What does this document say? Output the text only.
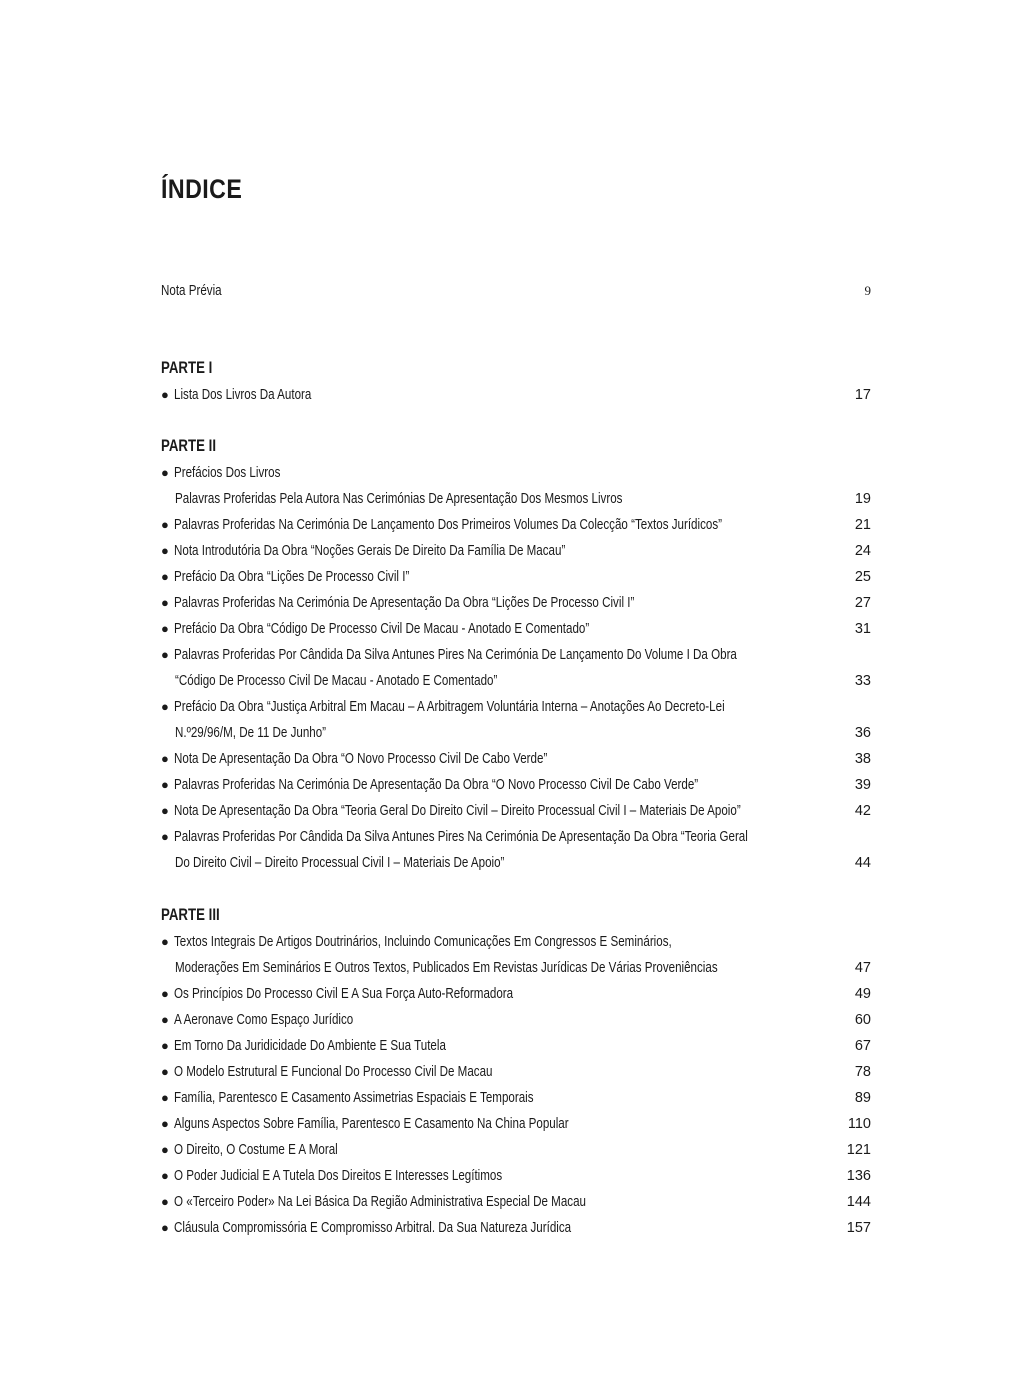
ÍNDICE
Nota Prévia	9
PARTE I
● Lista Dos Livros Da Autora	17
PARTE II
● Prefácios Dos Livros
Palavras Proferidas Pela Autora Nas Cerimónias De Apresentação Dos Mesmos Livros	19
● Palavras Proferidas Na Cerimónia De Lançamento Dos Primeiros Volumes Da Colecção “Textos Jurídicos”	21
● Nota Introdutória Da Obra “Noções Gerais De Direito Da Família De Macau”	24
● Prefácio Da Obra “Lições De Processo Civil I”	25
● Palavras Proferidas Na Cerimónia De Apresentação Da Obra “Lições De Processo Civil I”	27
● Prefácio Da Obra “Código De Processo Civil De Macau - Anotado E Comentado”	31
● Palavras Proferidas Por Cândida Da Silva Antunes Pires Na Cerimónia De Lançamento Do Volume I Da Obra
“Código De Processo Civil De Macau - Anotado E Comentado”	33
● Prefácio Da Obra “Justiça Arbitral Em Macau – A Arbitragem Voluntária Interna – Anotações Ao Decreto-Lei
N.º29/96/M, De 11 De Junho”	36
● Nota De Apresentação Da Obra “O Novo Processo Civil De Cabo Verde”	38
● Palavras Proferidas Na Cerimónia De Apresentação Da Obra “O Novo Processo Civil De Cabo Verde”	39
● Nota De Apresentação Da Obra “Teoria Geral Do Direito Civil – Direito Processual Civil I – Materiais De Apoio”	42
● Palavras Proferidas Por Cândida Da Silva Antunes Pires Na Cerimónia De Apresentação Da Obra “Teoria Geral
Do Direito Civil – Direito Processual Civil I – Materiais De Apoio”	44
PARTE III
● Textos Integrais De Artigos Doutrinários, Incluindo Comunicações Em Congressos E Seminários,
Moderações Em Seminários E Outros Textos, Publicados Em Revistas Jurídicas De Várias Proveniências	47
● Os Princípios Do Processo Civil E A Sua Força Auto-Reformadora	49
● A Aeronave Como Espaço Jurídico	60
● Em Torno Da Juridicidade Do Ambiente E Sua Tutela	67
● O Modelo Estrutural E Funcional Do Processo Civil De Macau	78
● Família, Parentesco E Casamento Assimetrias Espaciais E Temporais	89
● Alguns Aspectos Sobre Família, Parentesco E Casamento Na China Popular	110
● O Direito, O Costume E A Moral	121
● O Poder Judicial E A Tutela Dos Direitos E Interesses Legítimos	136
● O «Terceiro Poder» Na Lei Básica Da Região Administrativa Especial De Macau	144
● Cláusula Compromissória E Compromisso Arbitral. Da Sua Natureza Jurídica	157
